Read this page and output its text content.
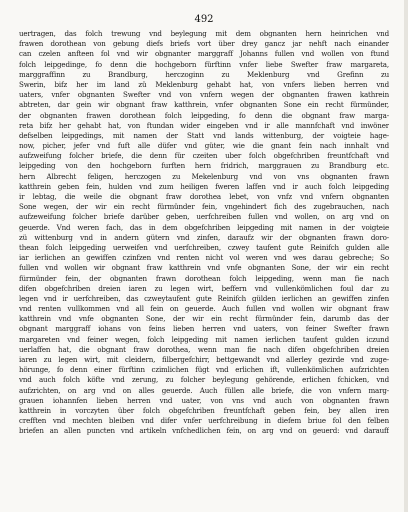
492
uertragen, das folch trewung vnd beylegung mit dem obgnanten hern heinrichen vnd
frawen dorothean von gebung diefs briefs vort über drey gancz jar nehft nach einander
can czelen anfteen fol vnd wir obgnanter marggraff Johanns fullen vnd wollen von ftund
folch leipgedinge, fo denn die hochgeborn fürftinn vnfer liebe Swefter fraw margareta,
marggraffinn zu Brandburg, herczoginn zu Meklenburg vnd Grefinn zu
Swerin, bifz her im land zü Meklenburg gehabt hat, von vnfers lieben herren vnd
uaters, vnfer obgnanten Swefter vnd von vnfern wegen der obgnanten frawen kathrein
abtreten, dar gein wir obgnant fraw katthrein, vnfer obgnanten Sone ein recht fürmünder,
der obgnanten frawen dorothean folch leipgeding, fo denn die obgnant fraw marga-
reta bifz her gehabt hat, von ftundan wider eingeben vnd ir alle mannfchaft vnd inwöner
defselben leipgedings, mit namen der Statt vnd lands wittenburg, der voigteie hage-
now, picher, jefer vnd fuft alle düfer vnd güter, wie die gnant fein nach innhalt vnd
aufzweifung folcher briefe, die denn für czeiten uber folch obgefchriben freuntfchaft vnd
leipgeding von den hochgeborn furften hern fridrich, marggrauen zu Brandburg etc.
hern Albrecht feligen, herczogen zu Mekelenburg vnd von vns obgnanten frawn
katthrein geben fein, hulden vnd zum heiligen fweren laffen vnd ir auch folch leipgeding
ir lebtag, die weile die obgnant fraw dorothea lebet, von vnfz vnd vnfern obgnanten
Sone wegen, der wir ein recht fürmünder fein, vngehindert fich des zugebrauchen, nach
aufzeweifung folcher briefe darüber geben, uerfchreiben fullen vnd wollen, on arg vnd on
geuerde. Vnd weren fach, das in dem obgefchriben leipgeding mit namen in der voigteie
zü wittenburg vnd in andern gütern vnd zinfen, daraufz wir der obgnanten frawn doro-
thean folch leipgeding uerweifen vnd uerfchreiben, czwey taufent gute Reinifch gulden alle
iar ierlichen an gewiffen czinfzen vnd renten nicht vol weren vnd wes darau gebreche; So
fullen vnd wollen wir obgnant fraw katthrein vnd vnfe obgnanten Sone, der wir ein recht
fürmünder fein, der obgnanten frawn dorothean folch leipgeding, wenn man fie nach
difen obgefchriben dreien iaren zu legen wirt, beffern vnd vullenkömlichen foul dar zu
legen vnd ir uerfchreiben, das czweytaufent gute Reinifch gülden ierlichen an gewiffen zinfen
vnd renten vullkommen vnd all fein on geuerde. Auch fullen vnd wollen wir obgnant fraw
katthrein vnd vnfe obgnanten Sone, der wir ein recht fürmünder fein, darumb das der
obgnant marggraff iohans von feins lieben herren vnd uaters, von feiner Swefter frawn
margareten vnd feiner wegen, folch leipgeding mit namen ierlichen taufent gulden iczund
uerlaffen hat, die obgnant fraw dorothea, wenn man fie nach difen obgefchriben dreien
iaren zu legen wirt, mit cleidern, filbergefchirr, bettgewandt vnd allerley gezirde vnd zuge-
hörunge, fo denn einer fürftinn czimlichen fügt vnd erlichen ift, vullenkömlichen aufzrichten
vnd auch folch köfte vnd zerung, zu folcher beylegung gehörende, erlichen fchicken, vnd
aufzrichten, on arg vnd on alles geuerde. Auch füllen alle briefe, die von vnfern marg-
grauen iohannfen lieben herren vnd uater, von vns vnd auch von obgnanten frawn
katthrein in vorczyten über folch obgefchriben freuntfchaft geben fein, bey allen iren
crefften vnd mechten bleiben vnd difer vnfer uerfchreibung in diefem briue fol den felben
briefen an allen puncten vnd artikeln vnfchedlichen fein, on arg vnd on geuerd: vnd darauff
